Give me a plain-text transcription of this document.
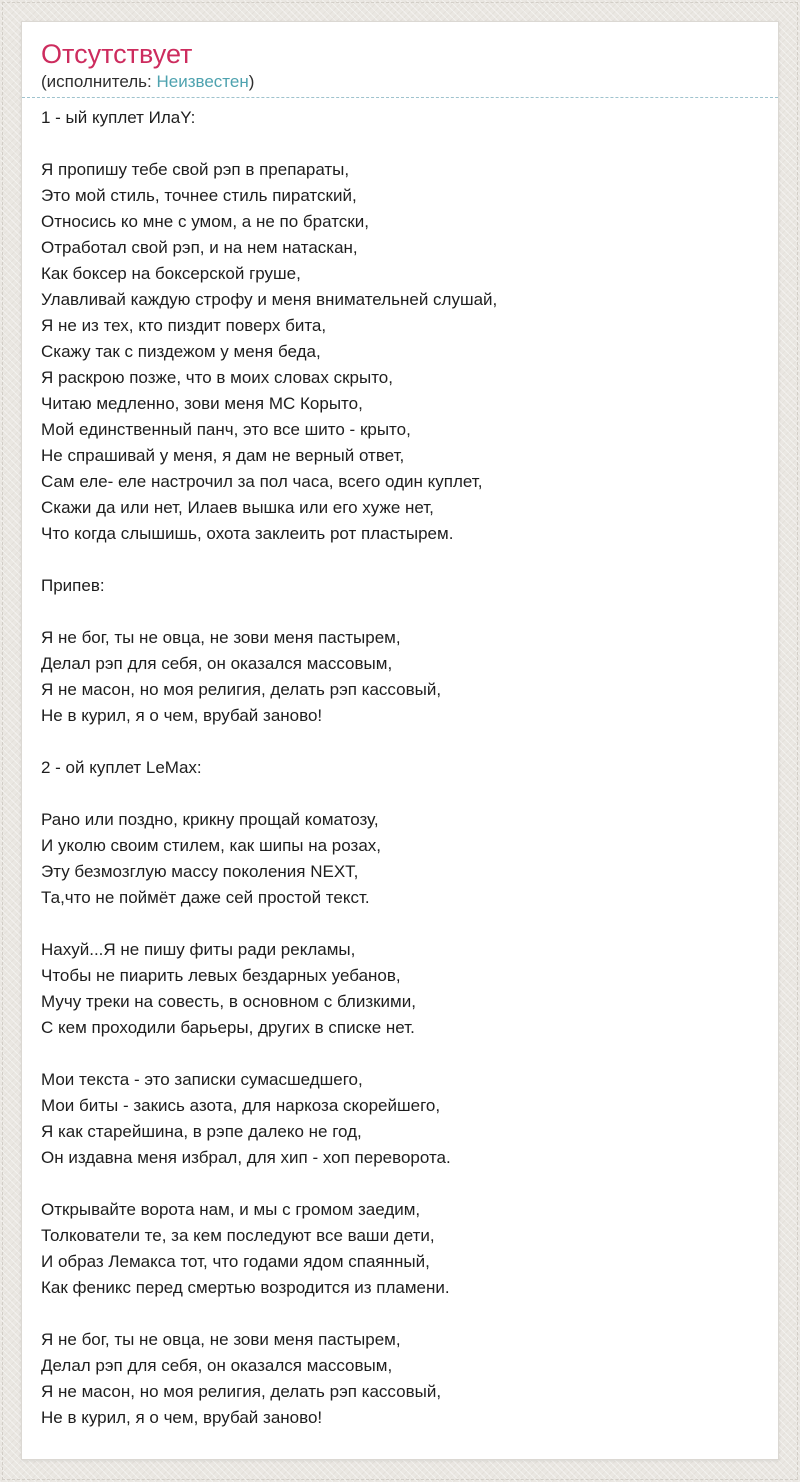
Отсутствует
(исполнитель: Неизвестен)
1 - ый куплет ИлаY:

Я пропишу тебе свой рэп в препараты,
Это мой стиль, точнее стиль пиратский,
Относись ко мне с умом, а не по братски,
Отработал свой рэп, и на нем натаскан,
Как боксер на боксерской груше,
Улавливай каждую строфу и меня внимательней слушай,
Я не из тех, кто пиздит поверх бита,
Скажу так с пиздежом у меня беда,
Я раскрою позже, что в моих словах скрыто,
Читаю медленно, зови меня MC Корыто,
Мой единственный панч, это все шито - крыто,
Не спрашивай у меня, я дам не верный ответ,
Сам еле- еле настрочил за пол часа, всего один куплет,
Скажи да или нет, Илаев вышка или его хуже нет,
Что когда слышишь, охота заклеить рот пластырем.

Припев:

Я не бог, ты не овца, не зови меня пастырем,
Делал рэп для себя, он оказался массовым,
Я не масон, но моя религия, делать рэп кассовый,
Не в курил, я о чем, врубай заново!

2 - ой куплет LeMax:

Рано или поздно, крикну прощай коматозу,
И уколю своим стилем, как шипы на розах,
Эту безмозглую массу поколения NEXT,
Та,что не поймёт даже сей простой текст.

Нахуй...Я не пишу фиты ради рекламы,
Чтобы не пиарить левых бездарных уебанов,
Мучу треки на совесть, в основном с близкими,
С кем проходили барьеры, других в списке нет.

Мои текста - это записки сумасшедшего,
Мои биты - закись азота, для наркоза скорейшего,
Я как старейшина, в рэпе далеко не год,
Он издавна меня избрал, для хип - хоп переворота.

Открывайте ворота нам, и мы с громом заедим,
Толкователи те, за кем последуют все ваши дети,
И образ Лемакса тот, что годами ядом спаянный,
Как феникс перед смертью возродится из пламени.

Я не бог, ты не овца, не зови меня пастырем,
Делал рэп для себя, он оказался массовым,
Я не масон, но моя религия, делать рэп кассовый,
Не в курил, я о чем, врубай заново!
